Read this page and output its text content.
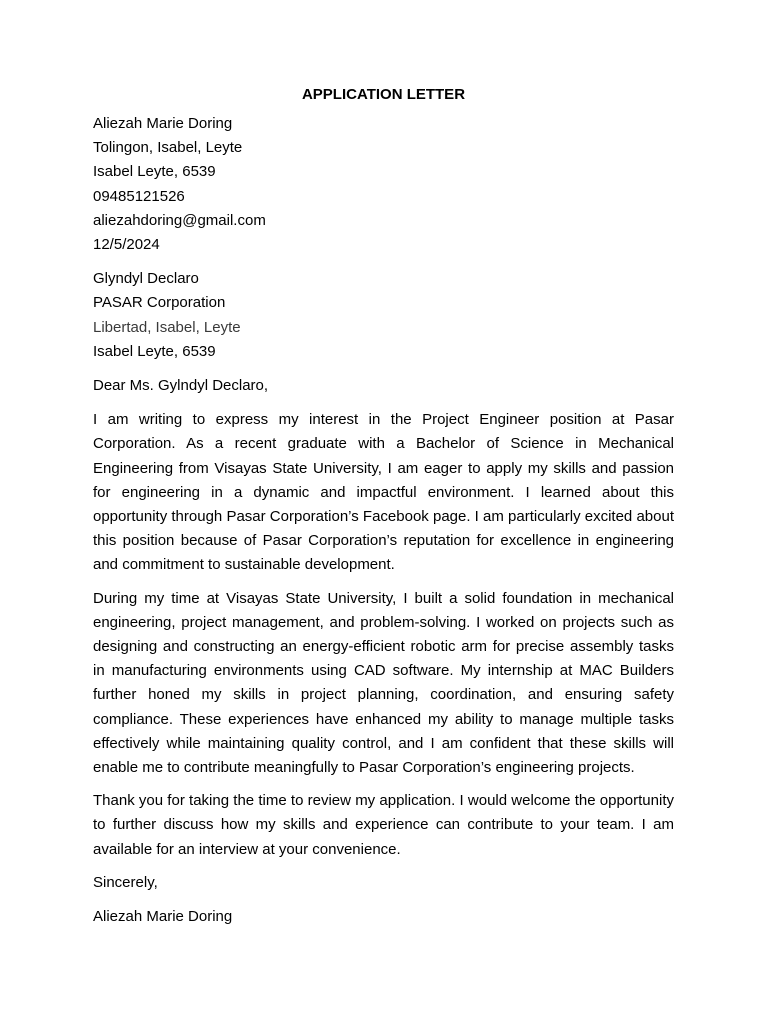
APPLICATION LETTER
Aliezah Marie Doring
Tolingon, Isabel, Leyte
Isabel Leyte, 6539
09485121526
aliezahdoring@gmail.com
12/5/2024
Glyndyl Declaro
PASAR Corporation
Libertad, Isabel, Leyte
Isabel Leyte, 6539
Dear Ms. Gylndyl Declaro,
I am writing to express my interest in the Project Engineer position at Pasar Corporation. As a recent graduate with a Bachelor of Science in Mechanical Engineering from Visayas State University, I am eager to apply my skills and passion for engineering in a dynamic and impactful environment. I learned about this opportunity through Pasar Corporation’s Facebook page. I am particularly excited about this position because of Pasar Corporation’s reputation for excellence in engineering and commitment to sustainable development.
During my time at Visayas State University, I built a solid foundation in mechanical engineering, project management, and problem-solving. I worked on projects such as designing and constructing an energy-efficient robotic arm for precise assembly tasks in manufacturing environments using CAD software. My internship at MAC Builders further honed my skills in project planning, coordination, and ensuring safety compliance. These experiences have enhanced my ability to manage multiple tasks effectively while maintaining quality control, and I am confident that these skills will enable me to contribute meaningfully to Pasar Corporation’s engineering projects.
Thank you for taking the time to review my application. I would welcome the opportunity to further discuss how my skills and experience can contribute to your team. I am available for an interview at your convenience.
Sincerely,
Aliezah Marie Doring
